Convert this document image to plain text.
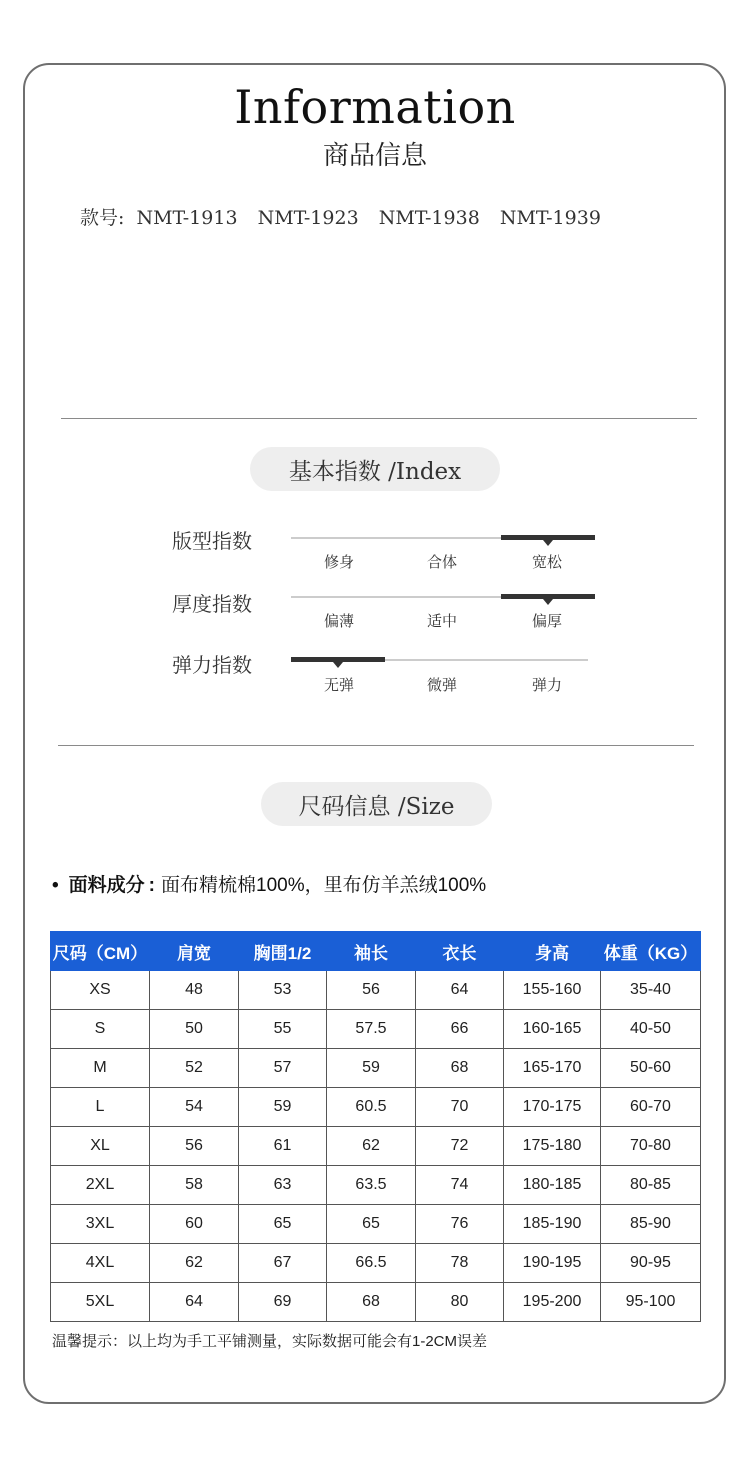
Information
商品信息
款号: NMT-1913 NMT-1923 NMT-1938 NMT-1939
基本指数 /Index
版型指数
修身	合体	宽松
厚度指数
偏薄	适中	偏厚
弹力指数
无弹	微弹	弹力
尺码信息 /Size
• 面料成分 : 面布精梳棉100%，里布仿羊羔绒100%
尺码（CM）	肩宽	胸围1/2	袖长	衣长	身高	体重（KG）
XS	48	53	56	64	155-160	35-40
S	50	55	57.5	66	160-165	40-50
M	52	57	59	68	165-170	50-60
L	54	59	60.5	70	170-175	60-70
XL	56	61	62	72	175-180	70-80
2XL	58	63	63.5	74	180-185	80-85
3XL	60	65	65	76	185-190	85-90
4XL	62	67	66.5	78	190-195	90-95
5XL	64	69	68	80	195-200	95-100
温馨提示：以上均为手工平铺测量，实际数据可能会有1-2CM误差
